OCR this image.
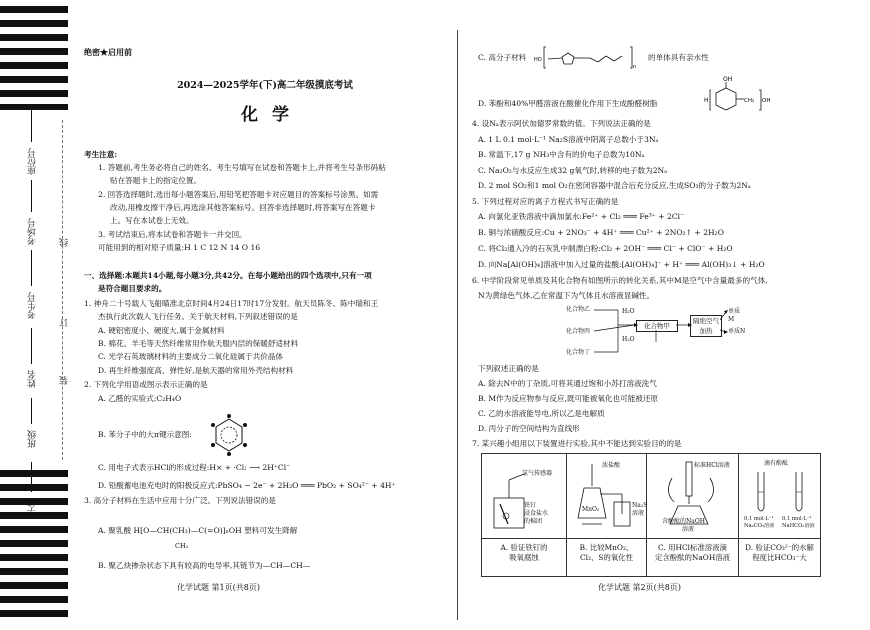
座位号
考场号
考生号
姓名
班级
学校
线
订
装
绝密★启用前
2024—2025学年(下)高二年级摸底考试
化学
考生注意:
1. 答题前,考生务必将自己的姓名、考生号填写在试卷和答题卡上,并将考生号条形码粘
贴在答题卡上的指定位置。
2. 回答选择题时,选出每小题答案后,用铅笔把答题卡对应题目的答案标号涂黑。如需
改动,用橡皮擦干净后,再选涂其他答案标号。回答非选择题时,将答案写在答题卡
上。写在本试卷上无效。
3. 考试结束后,将本试卷和答题卡一并交回。
可能用到的相对原子质量:H 1 C 12 N 14 O 16
一、选择题:本题共14小题,每小题3分,共42分。在每小题给出的四个选项中,只有一项
是符合题目要求的。
1. 神舟二十号载人飞船瞄准北京时间4月24日17时17分发射。航天员陈冬、陈中瑞和王
杰执行此次载人飞行任务。关于航天材料,下列叙述错误的是
A. 硬铝密度小、硬度大,属于金属材料
B. 棉花、羊毛等天然纤维常用作航天服内层的保暖舒适材料
C. 光学石英玻璃材料的主要成分二氧化硅属于共价晶体
D. 再生纤维强度高、弹性好,是航天器的常用外壳结构材料
2. 下列化学用语或图示表示正确的是
A. 乙醛的实验式:C₂H₄O
B. 苯分子中的大π键示意图:
C. 用电子式表示HCl的形成过程:H× + ·Cl: ⟶ 2H⁺Cl⁻
D. 铅酸蓄电池充电时的阳极反应式:PbSO₄ − 2e⁻ + 2H₂O ═══ PbO₂ + SO₄²⁻ + 4H⁺
3. 高分子材料在生活中应用十分广泛。下列说法错误的是
A. 聚乳酸 H[O—CH(CH₃)—C(=O)]ₙOH 塑料可发生降解
CH₃
B. 聚乙炔掺杂状态下具有较高的电导率,其链节为—CH—CH—
化学试题 第1页(共8页)
C. 高分子材料 HO
n
的单体具有亲水性
H
OH
CH₂ OH
D. 苯酚和40%甲醛溶液在酸催化作用下生成酚醛树脂
4. 设Nₐ表示阿伏加德罗常数的值。下列说法正确的是
A. 1 L 0.1 mol·L⁻¹ Na₂S溶液中阴离子总数小于3Nₐ
B. 常温下,17 g NH₃中含有的价电子总数为10Nₐ
C. Na₂O₂与水反应生成32 g氧气时,转移的电子数为2Nₐ
D. 2 mol SO₂和1 mol O₂在密闭容器中混合后充分反应,生成SO₃的分子数为2Nₐ
5. 下列过程对应的离子方程式书写正确的是
A. 向氯化亚铁溶液中滴加氯水:Fe²⁺ + Cl₂ ═══ Fe³⁺ + 2Cl⁻
B. 铜与浓硝酸反应:Cu + 2NO₃⁻ + 4H⁺ ═══ Cu²⁺ + 2NO₂↑ + 2H₂O
C. 将Cl₂通入冷的石灰乳中制漂白粉:Cl₂ + 2OH⁻ ═══ Cl⁻ + ClO⁻ + H₂O
D. 向Na[Al(OH)₄]溶液中加入过量的盐酸:[Al(OH)₄]⁻ + H⁺ ═══ Al(OH)₃↓ + H₂O
6. 中学阶段常见单质及其化合物有如图所示的转化关系,其中M是空气中含量最多的气体,
N为黄绿色气体,乙在常温下为气体且水溶液显碱性。
化合物乙
化合物丙
化合物丁
H₂O
H₂O
化合物甲
隔绝空气
加热
单质M
单质N
下列叙述正确的是
A. 除去N中的丁杂质,可将其通过饱和小苏打溶液洗气
B. M作为反应物参与反应,既可能被氧化也可能被还原
C. 乙的水溶液能导电,所以乙是电解质
D. 丙分子的空间结构为直线形
7. 某兴趣小组用以下装置进行实验,其中不能达到实验目的的是
氯气传感器
铁钉
浸食盐水
的棉团
浓盐酸
MnO₂
Na₂S
溶液
标准HCl溶液
含酚酞的NaOH
溶液
滴有酚酞
0.1 mol·L⁻¹
Na₂CO₃溶液
0.1 mol·L⁻¹
NaHCO₃溶液
A. 验证铁钉的
吸氧腐蚀
B. 比较MnO₂、
Cl₂、S的氧化性
C. 用HCl标准溶液滴
定含酚酞的NaOH溶液
D. 验证CO₃²⁻的水解
程度比HCO₃⁻大
化学试题 第2页(共8页)
